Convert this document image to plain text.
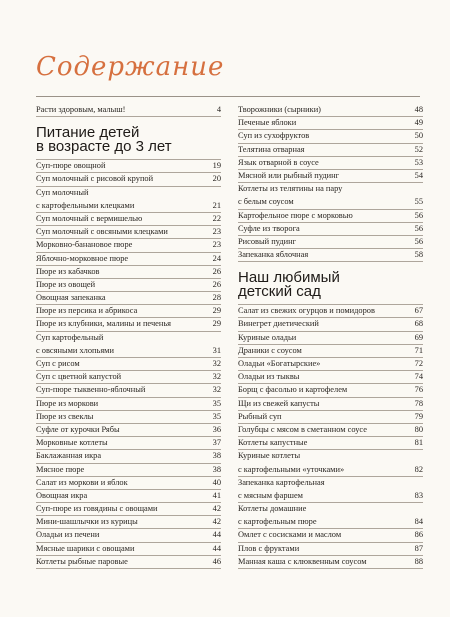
Содержание
Расти здоровым, малыш!	4
Питание детей
в возрасте до 3 лет
Суп-пюре овощной	19
Суп молочный с рисовой крупой	20
Суп молочный
с картофельными клецками	21
Суп молочный с вермишелью	22
Суп молочный с овсяными клецками	23
Морковно-банановое пюре	23
Яблочно-морковное пюре	24
Пюре из кабачков	26
Пюре из овощей	26
Овощная запеканка	28
Пюре из персика и абрикоса	29
Пюре из клубники, малины и печенья	29
Суп картофельный
с овсяными хлопьями	31
Суп с рисом	32
Суп с цветной капустой	32
Суп-пюре тыквенно-яблочный	32
Пюре из моркови	35
Пюре из свеклы	35
Суфле от курочки Рябы	36
Морковные котлеты	37
Баклажанная икра	38
Мясное пюре	38
Салат из моркови и яблок	40
Овощная икра	41
Суп-пюре из говядины с овощами	42
Мини-шашлычки из курицы	42
Оладьи из печени	44
Мясные шарики с овощами	44
Котлеты рыбные паровые	46
Творожники (сырники)	48
Печеные яблоки	49
Суп из сухофруктов	50
Телятина отварная	52
Язык отварной в соусе	53
Мясной или рыбный пудинг	54
Котлеты из телятины на пару
с белым соусом	55
Картофельное пюре с морковью	56
Суфле из творога	56
Рисовый пудинг	56
Запеканка яблочная	58
Наш любимый
детский сад
Салат из свежих огурцов и помидоров	67
Винегрет диетический	68
Куриные оладьи	69
Драники с соусом	71
Оладьи «Богатырские»	72
Оладьи из тыквы	74
Борщ с фасолью и картофелем	76
Щи из свежей капусты	78
Рыбный суп	79
Голубцы с мясом в сметанном соусе	80
Котлеты капустные	81
Куриные котлеты
с картофельными «уточками»	82
Запеканка картофельная
с мясным фаршем	83
Котлеты домашние
с картофельным пюре	84
Омлет с сосисками и маслом	86
Плов с фруктами	87
Манная каша с клюквенным соусом	88
